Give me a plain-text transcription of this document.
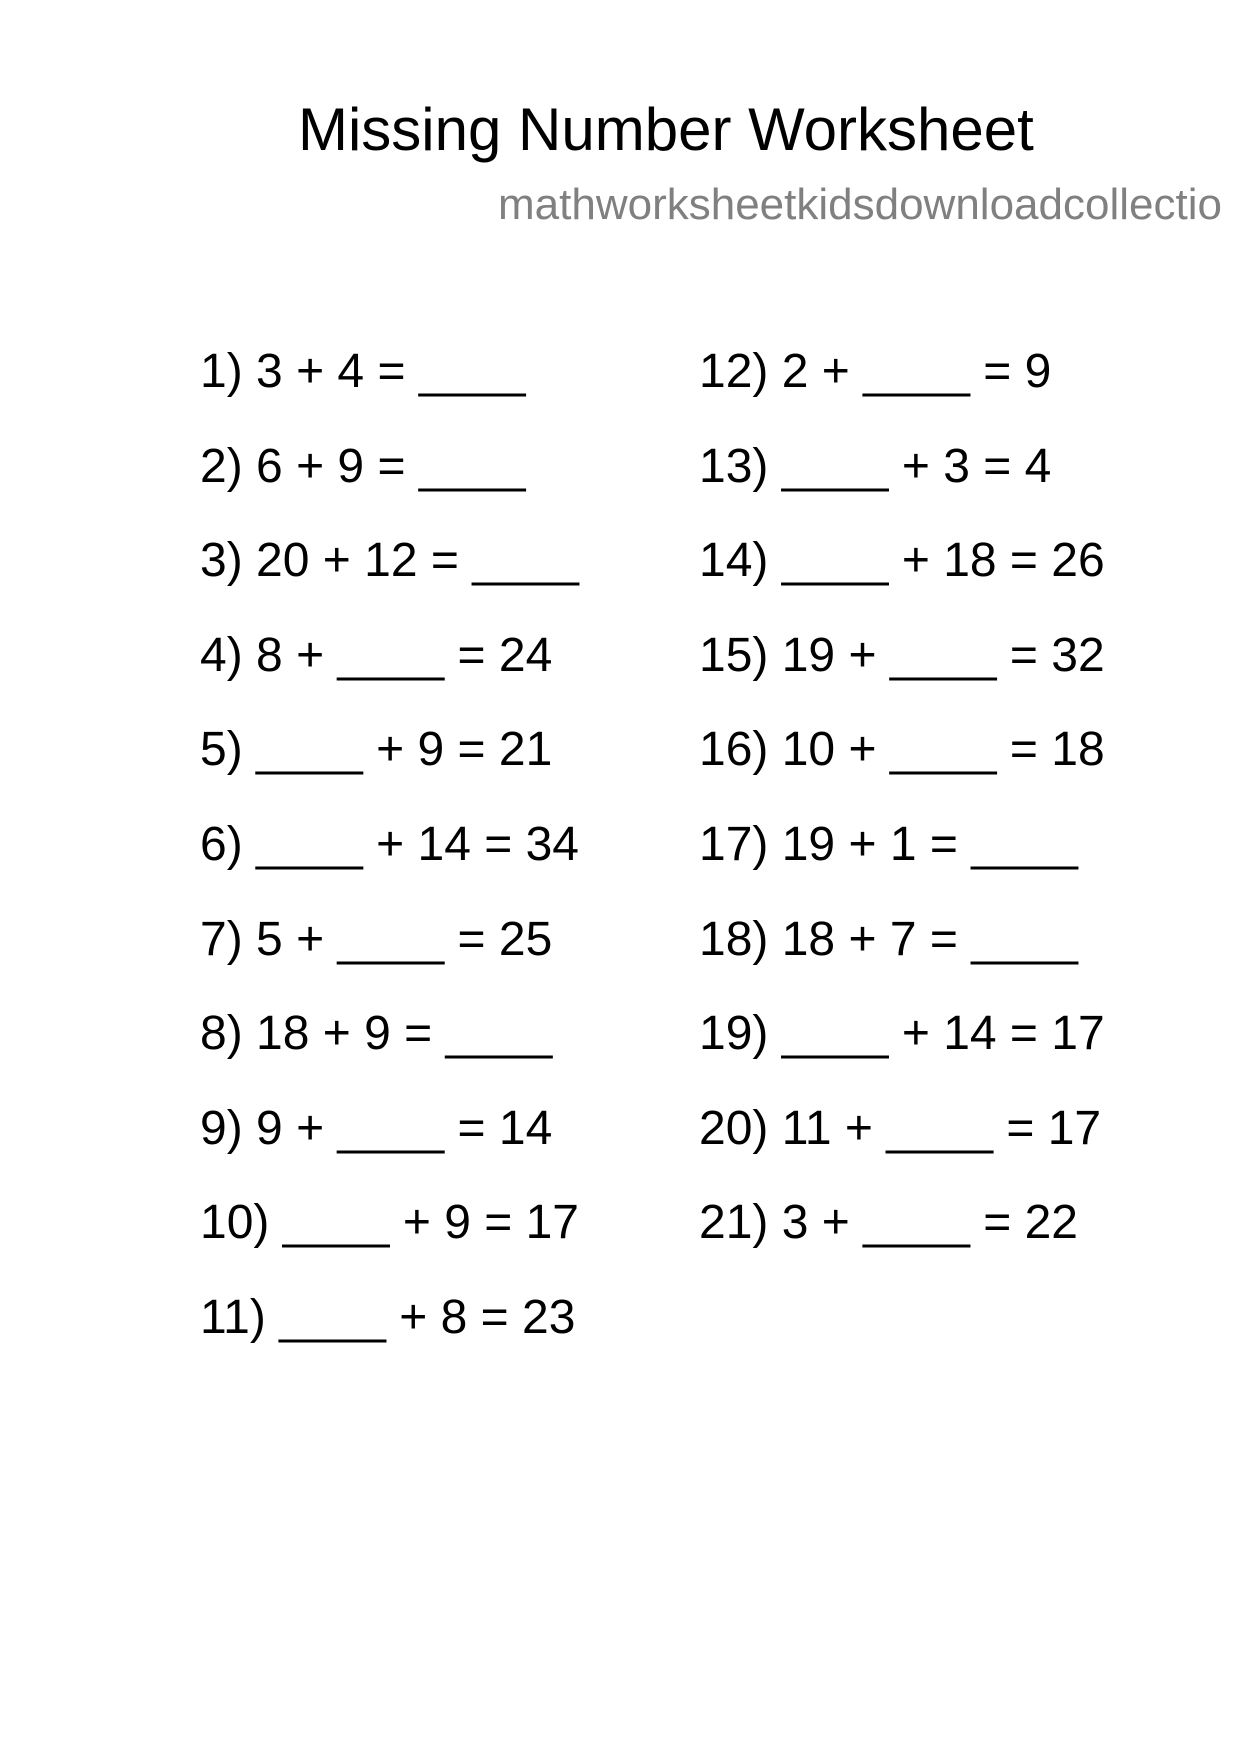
Missing Number Worksheet
mathworksheetkidsdownloadcollectio
1) 3 + 4 = ____
2) 6 + 9 = ____
3) 20 + 12 = ____
4) 8 + ____ = 24
5) ____ + 9 = 21
6) ____ + 14 = 34
7) 5 + ____ = 25
8) 18 + 9 = ____
9) 9 + ____ = 14
10) ____ + 9 = 17
11) ____ + 8 = 23
12) 2 + ____ = 9
13) ____ + 3 = 4
14) ____ + 18 = 26
15) 19 + ____ = 32
16) 10 + ____ = 18
17) 19 + 1 = ____
18) 18 + 7 = ____
19) ____ + 14 = 17
20) 11 + ____ = 17
21) 3 + ____ = 22
